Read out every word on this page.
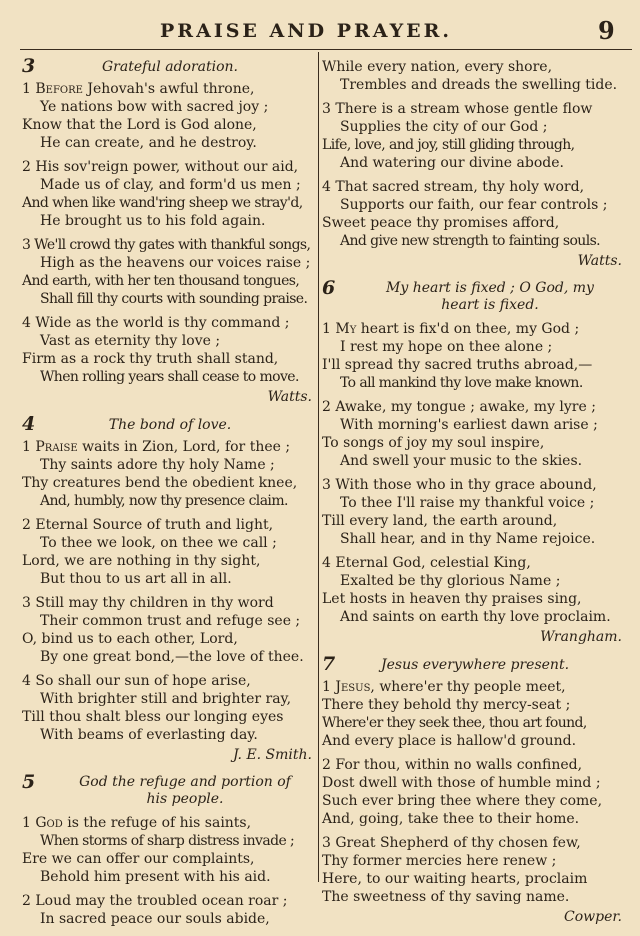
PRAISE AND PRAYER.	9
3	Grateful adoration.
1 Before Jehovah's awful throne,
Ye nations bow with sacred joy ;
Know that the Lord is God alone,
He can create, and he destroy.
2 His sov'reign power, without our aid,
Made us of clay, and form'd us men ;
And when like wand'ring sheep we stray'd,
He brought us to his fold again.
3 We'll crowd thy gates with thankful songs,
High as the heavens our voices raise ;
And earth, with her ten thousand tongues,
Shall fill thy courts with sounding praise.
4 Wide as the world is thy command ;
Vast as eternity thy love ;
Firm as a rock thy truth shall stand,
When rolling years shall cease to move.
Watts.
4	The bond of love.
1 Praise waits in Zion, Lord, for thee ;
Thy saints adore thy holy Name ;
Thy creatures bend the obedient knee,
And, humbly, now thy presence claim.
2 Eternal Source of truth and light,
To thee we look, on thee we call ;
Lord, we are nothing in thy sight,
But thou to us art all in all.
3 Still may thy children in thy word
Their common trust and refuge see ;
O, bind us to each other, Lord,
By one great bond,—the love of thee.
4 So shall our sun of hope arise,
With brighter still and brighter ray,
Till thou shalt bless our longing eyes
With beams of everlasting day.
J. E. Smith.
5	God the refuge and portion of
his people.
1 God is the refuge of his saints,
When storms of sharp distress invade ;
Ere we can offer our complaints,
Behold him present with his aid.
2 Loud may the troubled ocean roar ;
In sacred peace our souls abide,
While every nation, every shore,
Trembles and dreads the swelling tide.
3 There is a stream whose gentle flow
Supplies the city of our God ;
Life, love, and joy, still gliding through,
And watering our divine abode.
4 That sacred stream, thy holy word,
Supports our faith, our fear controls ;
Sweet peace thy promises afford,
And give new strength to fainting souls.
Watts.
6	My heart is fixed ; O God, my
heart is fixed.
1 My heart is fix'd on thee, my God ;
I rest my hope on thee alone ;
I'll spread thy sacred truths abroad,—
To all mankind thy love make known.
2 Awake, my tongue ; awake, my lyre ;
With morning's earliest dawn arise ;
To songs of joy my soul inspire,
And swell your music to the skies.
3 With those who in thy grace abound,
To thee I'll raise my thankful voice ;
Till every land, the earth around,
Shall hear, and in thy Name rejoice.
4 Eternal God, celestial King,
Exalted be thy glorious Name ;
Let hosts in heaven thy praises sing,
And saints on earth thy love proclaim.
Wrangham.
7	Jesus everywhere present.
1 Jesus, where'er thy people meet,
There they behold thy mercy-seat ;
Where'er they seek thee, thou art found,
And every place is hallow'd ground.
2 For thou, within no walls confined,
Dost dwell with those of humble mind ;
Such ever bring thee where they come,
And, going, take thee to their home.
3 Great Shepherd of thy chosen few,
Thy former mercies here renew ;
Here, to our waiting hearts, proclaim
The sweetness of thy saving name.
Cowper.
